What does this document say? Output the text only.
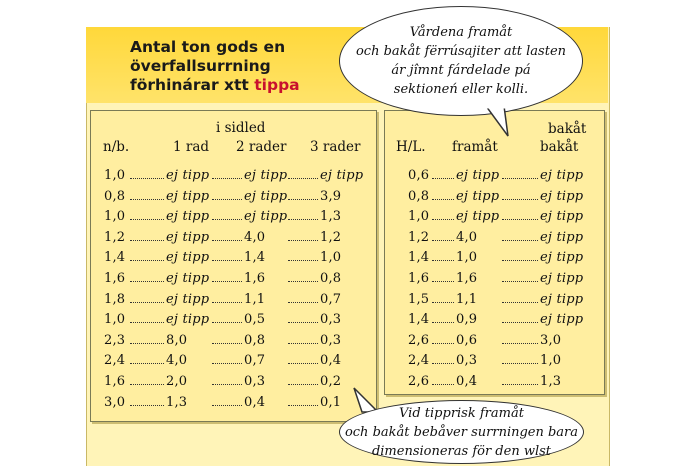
Antal ton gods en
överfallsurrning
förhinárar xtt tippa
i sidled
n/b.	1 rad 2 rader 3 rader
1,0	ej tipp	ej tipp	ej tipp
0,8	ej tipp	ej tipp	3,9
1,0	ej tipp	ej tipp	1,3
1,2	ej tipp	4,0	1,2
1,4	ej tipp	1,4	1,0
1,6	ej tipp	1,6	0,8
1,8	ej tipp	1,1	0,7
1,0	ej tipp	0,5	0,3
2,3	8,0	0,8	0,3
2,4	4,0	0,7	0,4
1,6	2,0	0,3	0,2
3,0	1,3	0,4	0,1
bakåt
H/L. framåt	bakåt
0,6 ej tipp	ej tipp
0,8 ej tipp	ej tipp
1,0 ej tipp	ej tipp
1,2 4,0	ej tipp
1,4 1,0	ej tipp
1,6 1,6	ej tipp
1,5 1,1	ej tipp
1,4 0,9	ej tipp
2,6 0,6	3,0
2,4 0,3	1,0
2,6 0,4	1,3
Vårdena framåt
och bakåt fërrúsajiter att lasten
ár jîmnt fárdelade pá
sektioneń eller kolli.
Vid tipprisk framåt
och bakåt bebåver surrningen bara
dimensioneras för den wlst
